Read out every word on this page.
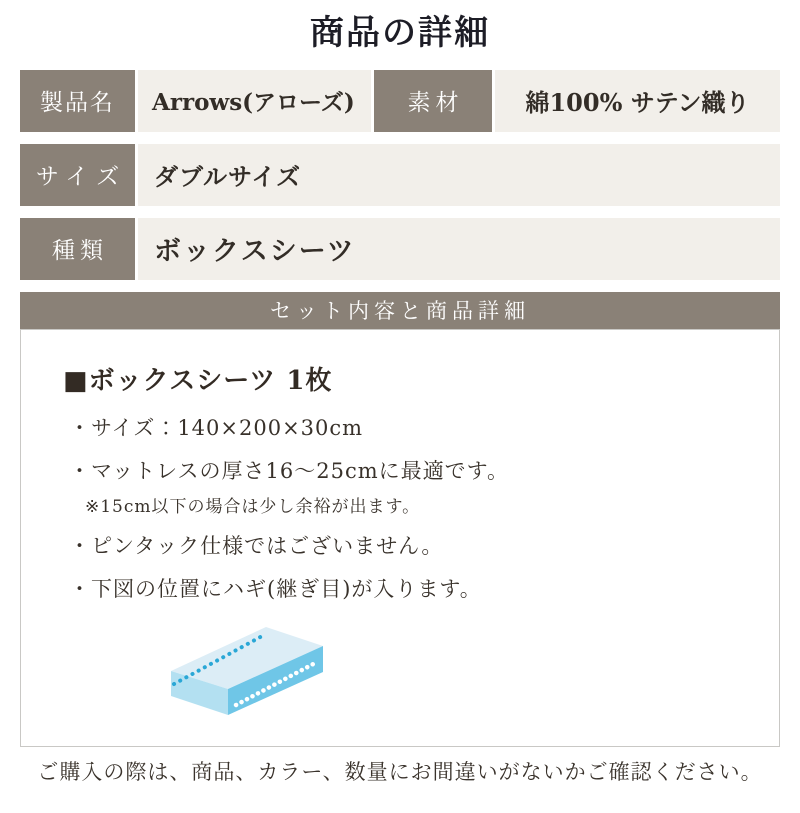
商品の詳細
製品名	Arrows(アローズ)	素材	綿100% サテン織り
サイズ	ダブルサイズ
種類	ボックスシーツ
セット内容と商品詳細
■ボックスシーツ 1枚
・サイズ：140×200×30cm
・マットレスの厚さ16〜25cmに最適です。
※15cm以下の場合は少し余裕が出ます。
・ピンタック仕様ではございません。
・下図の位置にハギ(継ぎ目)が入ります。
ご購入の際は、商品、カラー、数量にお間違いがないかご確認ください。
